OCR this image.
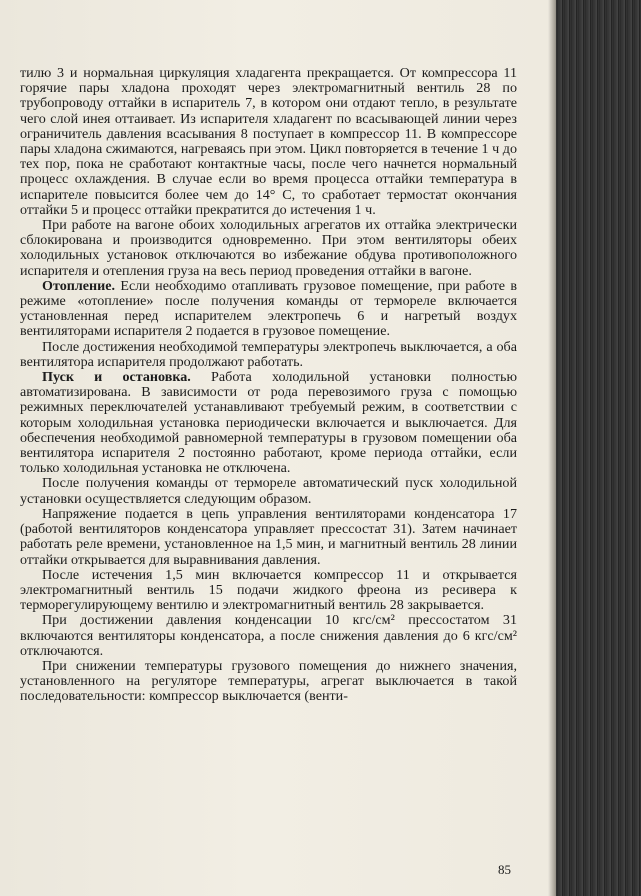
тилю 3 и нормальная циркуляция хладагента прекращается. От компрессора 11 горячие пары хладона проходят через электромагнитный вентиль 28 по трубопроводу оттайки в испаритель 7, в котором они отдают тепло, в результате чего слой инея оттаивает. Из испарителя хладагент по всасывающей линии через ограничитель давления всасывания 8 поступает в компрессор 11. В компрессоре пары хладона сжимаются, нагреваясь при этом. Цикл повторяется в течение 1 ч до тех пор, пока не сработают контактные часы, после чего начнется нормальный процесс охлаждения. В случае если во время процесса оттайки температура в испарителе повысится более чем до 14° С, то сработает термостат окончания оттайки 5 и процесс оттайки прекратится до истечения 1 ч.

При работе на вагоне обоих холодильных агрегатов их оттайка электрически сблокирована и производится одновременно. При этом вентиляторы обеих холодильных установок отключаются во избежание обдува противоположного испарителя и отепления груза на весь период проведения оттайки в вагоне.

Отопление. Если необходимо отапливать грузовое помещение, при работе в режиме «отопление» после получения команды от термореле включается установленная перед испарителем электропечь 6 и нагретый воздух вентиляторами испарителя 2 подается в грузовое помещение.

После достижения необходимой температуры электропечь выключается, а оба вентилятора испарителя продолжают работать.

Пуск и остановка. Работа холодильной установки полностью автоматизирована. В зависимости от рода перевозимого груза с помощью режимных переключателей устанавливают требуемый режим, в соответствии с которым холодильная установка периодически включается и выключается. Для обеспечения необходимой равномерной температуры в грузовом помещении оба вентилятора испарителя 2 постоянно работают, кроме периода оттайки, если только холодильная установка не отключена.

После получения команды от термореле автоматический пуск холодильной установки осуществляется следующим образом.

Напряжение подается в цепь управления вентиляторами конденсатора 17 (работой вентиляторов конденсатора управляет прессостат 31). Затем начинает работать реле времени, установленное на 1,5 мин, и магнитный вентиль 28 линии оттайки открывается для выравнивания давления.

После истечения 1,5 мин включается компрессор 11 и открывается электромагнитный вентиль 15 подачи жидкого фреона из ресивера к терморегулирующему вентилю и электромагнитный вентиль 28 закрывается.

При достижении давления конденсации 10 кгс/см² прессостатом 31 включаются вентиляторы конденсатора, а после снижения давления до 6 кгс/см² отключаются.

При снижении температуры грузового помещения до нижнего значения, установленного на регуляторе температуры, агрегат выключается в такой последовательности: компрессор выключается (венти-

85
